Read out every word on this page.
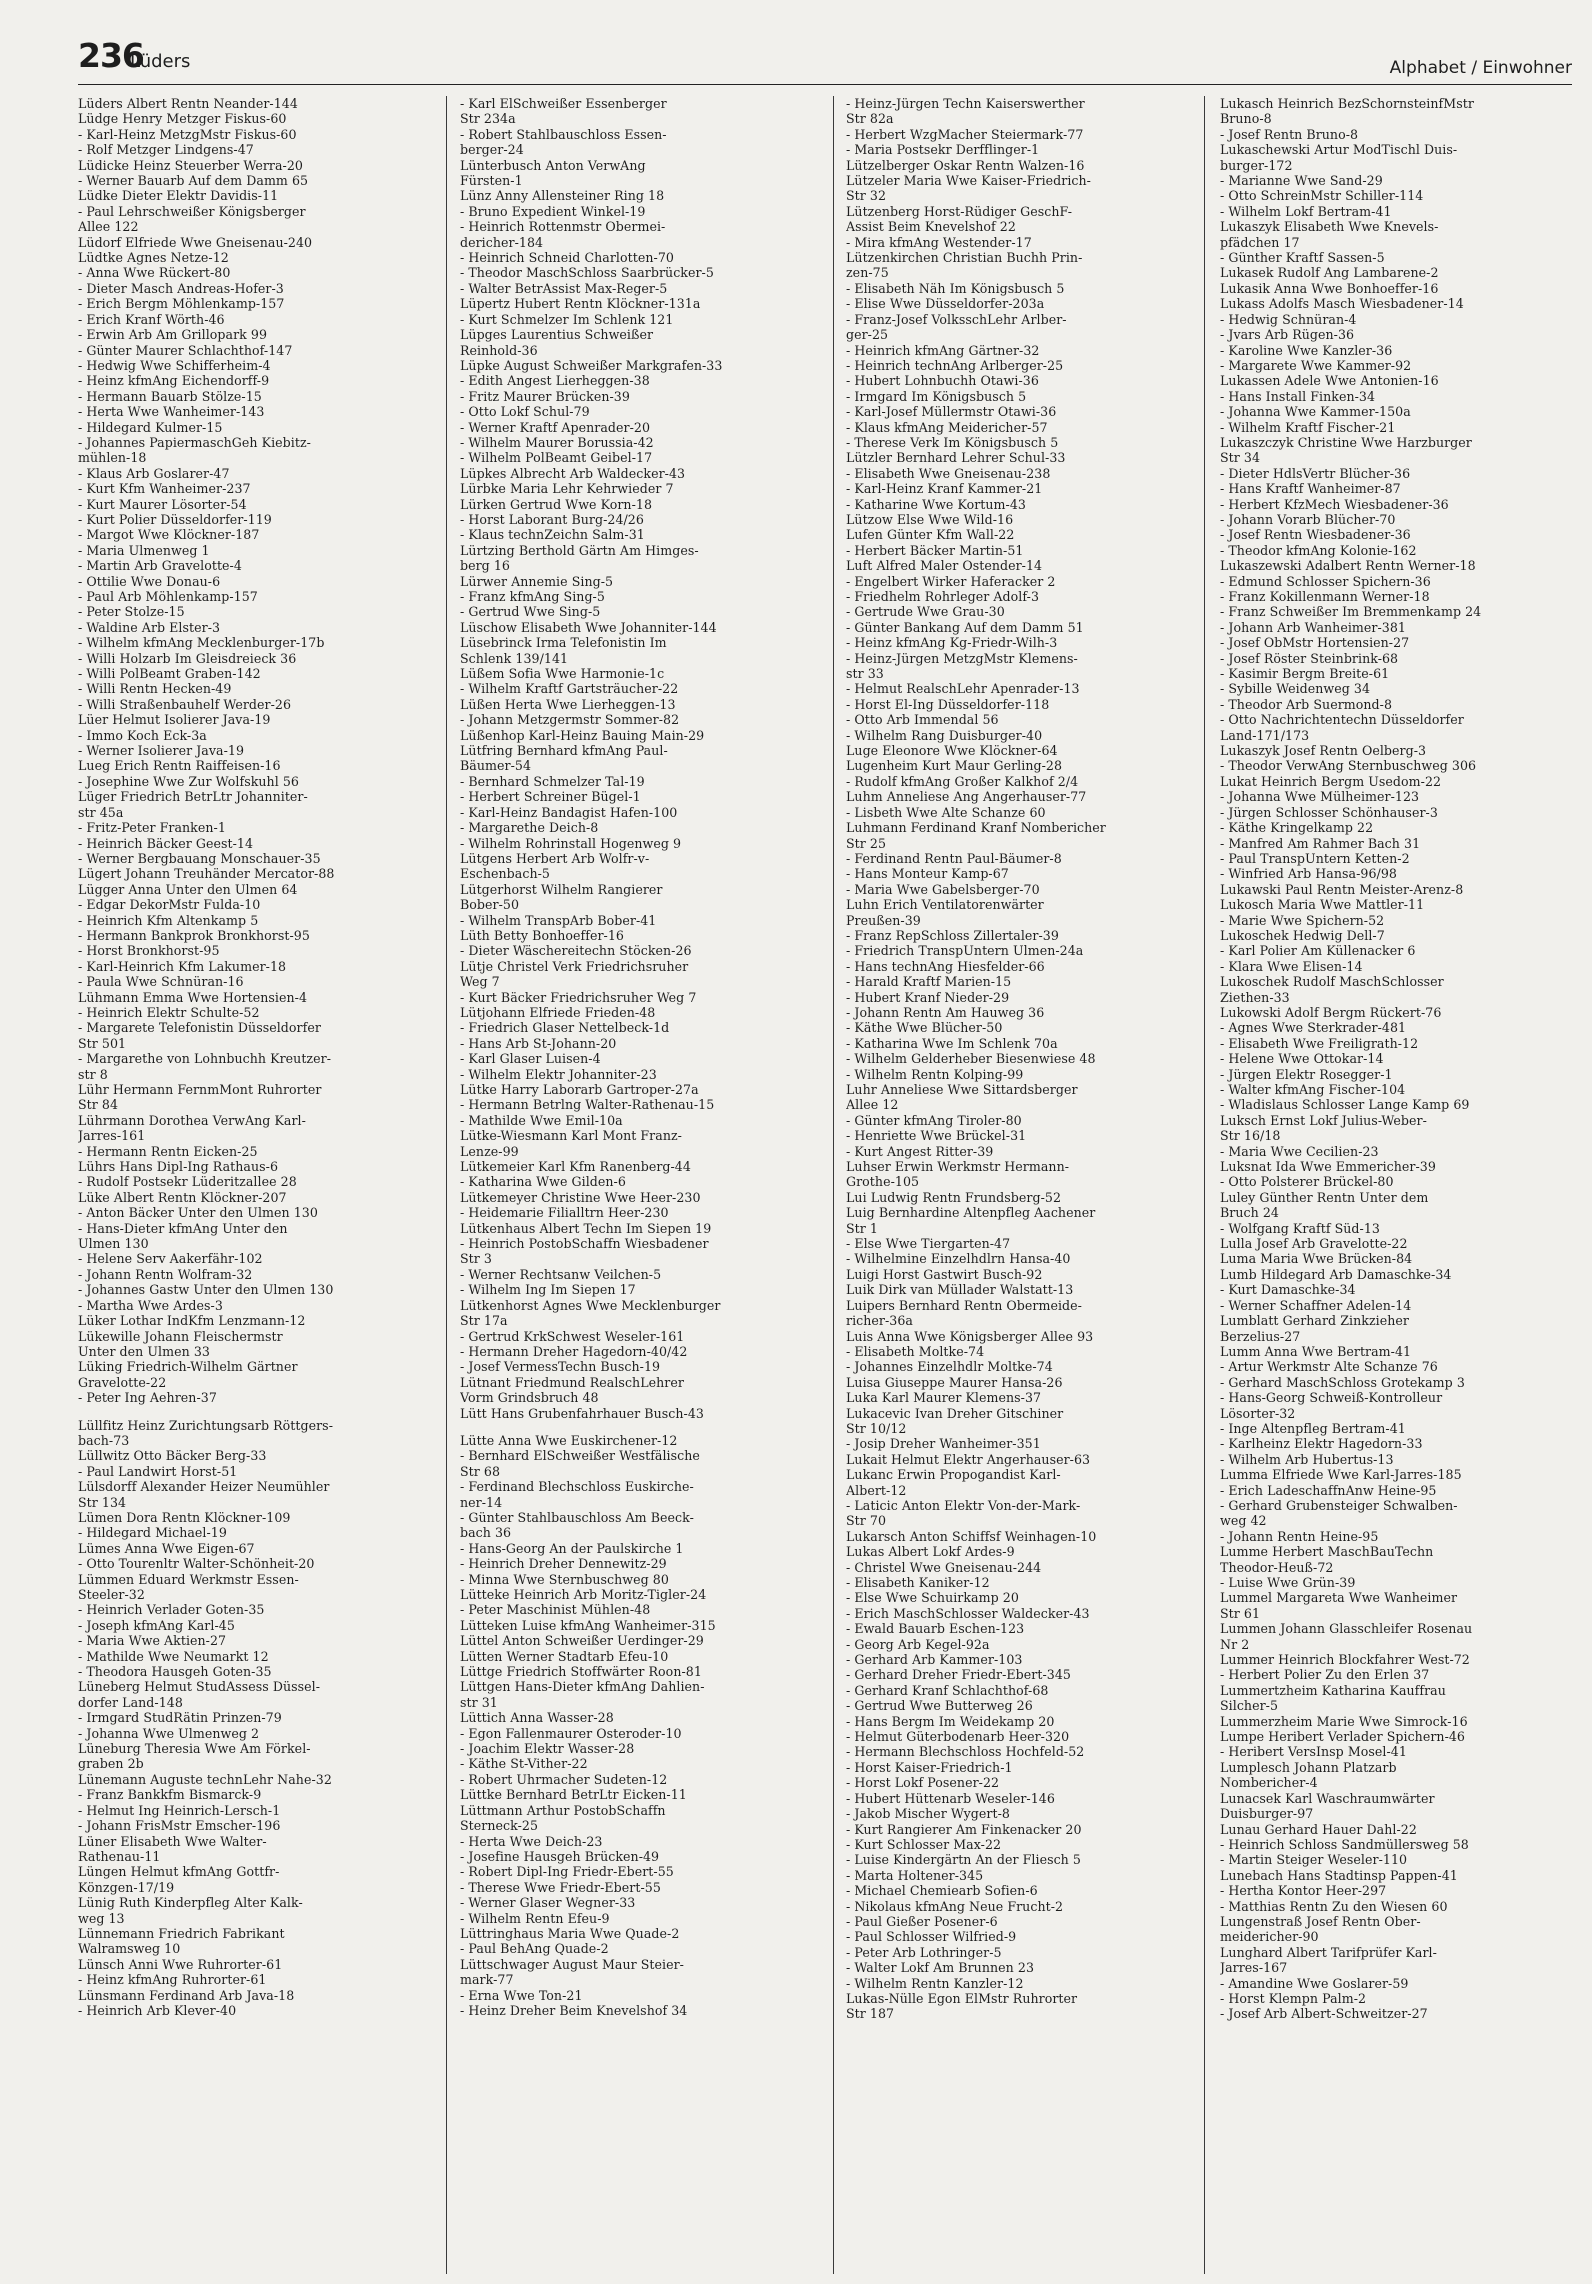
236
Lüders	Alphabet / Einwohner
Lüders Albert Rentn Neander-144
Lüdge Henry Metzger Fiskus-60
- Karl-Heinz MetzgMstr Fiskus-60
- Rolf Metzger Lindgens-47
Lüdicke Heinz Steuerber Werra-20
- Werner Bauarb Auf dem Damm 65
Lüdke Dieter Elektr Davidis-11
- Paul Lehrschweißer Königsberger
Allee 122
Lüdorf Elfriede Wwe Gneisenau-240
Lüdtke Agnes Netze-12
- Anna Wwe Rückert-80
- Dieter Masch Andreas-Hofer-3
- Erich Bergm Möhlenkamp-157
- Erich Kranf Wörth-46
- Erwin Arb Am Grillopark 99
- Günter Maurer Schlachthof-147
- Hedwig Wwe Schifferheim-4
- Heinz kfmAng Eichendorff-9
- Hermann Bauarb Stölze-15
- Herta Wwe Wanheimer-143
- Hildegard Kulmer-15
- Johannes PapiermaschGeh Kiebitz-
mühlen-18
- Klaus Arb Goslarer-47
- Kurt Kfm Wanheimer-237
- Kurt Maurer Lösorter-54
- Kurt Polier Düsseldorfer-119
- Margot Wwe Klöckner-187
- Maria Ulmenweg 1
- Martin Arb Gravelotte-4
- Ottilie Wwe Donau-6
- Paul Arb Möhlenkamp-157
- Peter Stolze-15
- Waldine Arb Elster-3
- Wilhelm kfmAng Mecklenburger-17b
- Willi Holzarb Im Gleisdreieck 36
- Willi PolBeamt Graben-142
- Willi Rentn Hecken-49
- Willi Straßenbauhelf Werder-26
Lüer Helmut Isolierer Java-19
- Immo Koch Eck-3a
- Werner Isolierer Java-19
Lueg Erich Rentn Raiffeisen-16
- Josephine Wwe Zur Wolfskuhl 56
Lüger Friedrich BetrLtr Johanniter-
str 45a
- Fritz-Peter Franken-1
- Heinrich Bäcker Geest-14
- Werner Bergbauang Monschauer-35
Lügert Johann Treuhänder Mercator-88
Lügger Anna Unter den Ulmen 64
- Edgar DekorMstr Fulda-10
- Heinrich Kfm Altenkamp 5
- Hermann Bankprok Bronkhorst-95
- Horst Bronkhorst-95
- Karl-Heinrich Kfm Lakumer-18
- Paula Wwe Schnüran-16
Lühmann Emma Wwe Hortensien-4
- Heinrich Elektr Schulte-52
- Margarete Telefonistin Düsseldorfer
Str 501
- Margarethe von Lohnbuchh Kreutzer-
str 8
Lühr Hermann FernmMont Ruhrorter
Str 84
Lührmann Dorothea VerwAng Karl-
Jarres-161
- Hermann Rentn Eicken-25
Lührs Hans Dipl-Ing Rathaus-6
- Rudolf Postsekr Lüderitzallee 28
Lüke Albert Rentn Klöckner-207
- Anton Bäcker Unter den Ulmen 130
- Hans-Dieter kfmAng Unter den
Ulmen 130
- Helene Serv Aakerfähr-102
- Johann Rentn Wolfram-32
- Johannes Gastw Unter den Ulmen 130
- Martha Wwe Ardes-3
Lüker Lothar IndKfm Lenzmann-12
Lükewille Johann Fleischermstr
Unter den Ulmen 33
Lüking Friedrich-Wilhelm Gärtner
Gravelotte-22
- Peter Ing Aehren-37
Lüllfitz Heinz Zurichtungsarb Röttgers-
bach-73
Lüllwitz Otto Bäcker Berg-33
- Paul Landwirt Horst-51
Lülsdorff Alexander Heizer Neumühler
Str 134
Lümen Dora Rentn Klöckner-109
- Hildegard Michael-19
Lümes Anna Wwe Eigen-67
- Otto Tourenltr Walter-Schönheit-20
Lümmen Eduard Werkmstr Essen-
Steeler-32
- Heinrich Verlader Goten-35
- Joseph kfmAng Karl-45
- Maria Wwe Aktien-27
- Mathilde Wwe Neumarkt 12
- Theodora Hausgeh Goten-35
Lüneberg Helmut StudAssess Düssel-
dorfer Land-148
- Irmgard StudRätin Prinzen-79
- Johanna Wwe Ulmenweg 2
Lüneburg Theresia Wwe Am Förkel-
graben 2b
Lünemann Auguste technLehr Nahe-32
- Franz Bankkfm Bismarck-9
- Helmut Ing Heinrich-Lersch-1
- Johann FrisMstr Emscher-196
Lüner Elisabeth Wwe Walter-
Rathenau-11
Lüngen Helmut kfmAng Gottfr-
Könzgen-17/19
Lünig Ruth Kinderpfleg Alter Kalk-
weg 13
Lünnemann Friedrich Fabrikant
Walramsweg 10
Lünsch Anni Wwe Ruhrorter-61
- Heinz kfmAng Ruhrorter-61
Lünsmann Ferdinand Arb Java-18
- Heinrich Arb Klever-40
- Karl ElSchweißer Essenberger
Str 234a
- Robert Stahlbauschloss Essen-
berger-24
Lünterbusch Anton VerwAng
Fürsten-1
Lünz Anny Allensteiner Ring 18
- Bruno Expedient Winkel-19
- Heinrich Rottenmstr Obermei-
dericher-184
- Heinrich Schneid Charlotten-70
- Theodor MaschSchloss Saarbrücker-5
- Walter BetrAssist Max-Reger-5
Lüpertz Hubert Rentn Klöckner-131a
- Kurt Schmelzer Im Schlenk 121
Lüpges Laurentius Schweißer
Reinhold-36
Lüpke August Schweißer Markgrafen-33
- Edith Angest Lierheggen-38
- Fritz Maurer Brücken-39
- Otto Lokf Schul-79
- Werner Kraftf Apenrader-20
- Wilhelm Maurer Borussia-42
- Wilhelm PolBeamt Geibel-17
Lüpkes Albrecht Arb Waldecker-43
Lürbke Maria Lehr Kehrwieder 7
Lürken Gertrud Wwe Korn-18
- Horst Laborant Burg-24/26
- Klaus technZeichn Salm-31
Lürtzing Berthold Gärtn Am Himges-
berg 16
Lürwer Annemie Sing-5
- Franz kfmAng Sing-5
- Gertrud Wwe Sing-5
Lüschow Elisabeth Wwe Johanniter-144
Lüsebrinck Irma Telefonistin Im
Schlenk 139/141
Lüßem Sofia Wwe Harmonie-1c
- Wilhelm Kraftf Gartsträucher-22
Lüßen Herta Wwe Lierheggen-13
- Johann Metzgermstr Sommer-82
Lüßenhop Karl-Heinz Bauing Main-29
Lütfring Bernhard kfmAng Paul-
Bäumer-54
- Bernhard Schmelzer Tal-19
- Herbert Schreiner Bügel-1
- Karl-Heinz Bandagist Hafen-100
- Margarethe Deich-8
- Wilhelm Rohrinstall Hogenweg 9
Lütgens Herbert Arb Wolfr-v-
Eschenbach-5
Lütgerhorst Wilhelm Rangierer
Bober-50
- Wilhelm TranspArb Bober-41
Lüth Betty Bonhoeffer-16
- Dieter Wäschereitechn Stöcken-26
Lütje Christel Verk Friedrichsruher
Weg 7
- Kurt Bäcker Friedrichsruher Weg 7
Lütjohann Elfriede Frieden-48
- Friedrich Glaser Nettelbeck-1d
- Hans Arb St-Johann-20
- Karl Glaser Luisen-4
- Wilhelm Elektr Johanniter-23
Lütke Harry Laborarb Gartroper-27a
- Hermann Betrlng Walter-Rathenau-15
- Mathilde Wwe Emil-10a
Lütke-Wiesmann Karl Mont Franz-
Lenze-99
Lütkemeier Karl Kfm Ranenberg-44
- Katharina Wwe Gilden-6
Lütkemeyer Christine Wwe Heer-230
- Heidemarie Filialltrn Heer-230
Lütkenhaus Albert Techn Im Siepen 19
- Heinrich PostobSchaffn Wiesbadener
Str 3
- Werner Rechtsanw Veilchen-5
- Wilhelm Ing Im Siepen 17
Lütkenhorst Agnes Wwe Mecklenburger
Str 17a
- Gertrud KrkSchwest Weseler-161
- Hermann Dreher Hagedorn-40/42
- Josef VermessTechn Busch-19
Lütnant Friedmund RealschLehrer
Vorm Grindsbruch 48
Lütt Hans Grubenfahrhauer Busch-43
Lütte Anna Wwe Euskirchener-12
- Bernhard ElSchweißer Westfälische
Str 68
- Ferdinand Blechschloss Euskirche-
ner-14
- Günter Stahlbauschloss Am Beeck-
bach 36
- Hans-Georg An der Paulskirche 1
- Heinrich Dreher Dennewitz-29
- Minna Wwe Sternbuschweg 80
Lütteke Heinrich Arb Moritz-Tigler-24
- Peter Maschinist Mühlen-48
Lütteken Luise kfmAng Wanheimer-315
Lüttel Anton Schweißer Uerdinger-29
Lütten Werner Stadtarb Efeu-10
Lüttge Friedrich Stoffwärter Roon-81
Lüttgen Hans-Dieter kfmAng Dahlien-
str 31
Lüttich Anna Wasser-28
- Egon Fallenmaurer Osteroder-10
- Joachim Elektr Wasser-28
- Käthe St-Vither-22
- Robert Uhrmacher Sudeten-12
Lüttke Bernhard BetrLtr Eicken-11
Lüttmann Arthur PostobSchaffn
Sterneck-25
- Herta Wwe Deich-23
- Josefine Hausgeh Brücken-49
- Robert Dipl-Ing Friedr-Ebert-55
- Therese Wwe Friedr-Ebert-55
- Werner Glaser Wegner-33
- Wilhelm Rentn Efeu-9
Lüttringhaus Maria Wwe Quade-2
- Paul BehAng Quade-2
Lüttschwager August Maur Steier-
mark-77
- Erna Wwe Ton-21
- Heinz Dreher Beim Knevelshof 34
- Heinz-Jürgen Techn Kaiserswerther
Str 82a
- Herbert WzgMacher Steiermark-77
- Maria Postsekr Derfflinger-1
Lützelberger Oskar Rentn Walzen-16
Lützeler Maria Wwe Kaiser-Friedrich-
Str 32
Lützenberg Horst-Rüdiger GeschF-
Assist Beim Knevelshof 22
- Mira kfmAng Westender-17
Lützenkirchen Christian Buchh Prin-
zen-75
- Elisabeth Näh Im Königsbusch 5
- Elise Wwe Düsseldorfer-203a
- Franz-Josef VolksschLehr Arlber-
ger-25
- Heinrich kfmAng Gärtner-32
- Heinrich technAng Arlberger-25
- Hubert Lohnbuchh Otawi-36
- Irmgard Im Königsbusch 5
- Karl-Josef Müllermstr Otawi-36
- Klaus kfmAng Meidericher-57
- Therese Verk Im Königsbusch 5
Lützler Bernhard Lehrer Schul-33
- Elisabeth Wwe Gneisenau-238
- Karl-Heinz Kranf Kammer-21
- Katharine Wwe Kortum-43
Lützow Else Wwe Wild-16
Lufen Günter Kfm Wall-22
- Herbert Bäcker Martin-51
Luft Alfred Maler Ostender-14
- Engelbert Wirker Haferacker 2
- Friedhelm Rohrleger Adolf-3
- Gertrude Wwe Grau-30
- Günter Bankang Auf dem Damm 51
- Heinz kfmAng Kg-Friedr-Wilh-3
- Heinz-Jürgen MetzgMstr Klemens-
str 33
- Helmut RealschLehr Apenrader-13
- Horst El-Ing Düsseldorfer-118
- Otto Arb Immendal 56
- Wilhelm Rang Duisburger-40
Luge Eleonore Wwe Klöckner-64
Lugenheim Kurt Maur Gerling-28
- Rudolf kfmAng Großer Kalkhof 2/4
Luhm Anneliese Ang Angerhauser-77
- Lisbeth Wwe Alte Schanze 60
Luhmann Ferdinand Kranf Nombericher
Str 25
- Ferdinand Rentn Paul-Bäumer-8
- Hans Monteur Kamp-67
- Maria Wwe Gabelsberger-70
Luhn Erich Ventilatorenwärter
Preußen-39
- Franz RepSchloss Zillertaler-39
- Friedrich TranspUntern Ulmen-24a
- Hans technAng Hiesfelder-66
- Harald Kraftf Marien-15
- Hubert Kranf Nieder-29
- Johann Rentn Am Hauweg 36
- Käthe Wwe Blücher-50
- Katharina Wwe Im Schlenk 70a
- Wilhelm Gelderheber Biesenwiese 48
- Wilhelm Rentn Kolping-99
Luhr Anneliese Wwe Sittardsberger
Allee 12
- Günter kfmAng Tiroler-80
- Henriette Wwe Brückel-31
- Kurt Angest Ritter-39
Luhser Erwin Werkmstr Hermann-
Grothe-105
Lui Ludwig Rentn Frundsberg-52
Luig Bernhardine Altenpfleg Aachener
Str 1
- Else Wwe Tiergarten-47
- Wilhelmine Einzelhdlrn Hansa-40
Luigi Horst Gastwirt Busch-92
Luik Dirk van Müllader Walstatt-13
Luipers Bernhard Rentn Obermeide-
richer-36a
Luis Anna Wwe Königsberger Allee 93
- Elisabeth Moltke-74
- Johannes Einzelhdlr Moltke-74
Luisa Giuseppe Maurer Hansa-26
Luka Karl Maurer Klemens-37
Lukacevic Ivan Dreher Gitschiner
Str 10/12
- Josip Dreher Wanheimer-351
Lukait Helmut Elektr Angerhauser-63
Lukanc Erwin Propogandist Karl-
Albert-12
- Laticic Anton Elektr Von-der-Mark-
Str 70
Lukarsch Anton Schiffsf Weinhagen-10
Lukas Albert Lokf Ardes-9
- Christel Wwe Gneisenau-244
- Elisabeth Kaniker-12
- Else Wwe Schuirkamp 20
- Erich MaschSchlosser Waldecker-43
- Ewald Bauarb Eschen-123
- Georg Arb Kegel-92a
- Gerhard Arb Kammer-103
- Gerhard Dreher Friedr-Ebert-345
- Gerhard Kranf Schlachthof-68
- Gertrud Wwe Butterweg 26
- Hans Bergm Im Weidekamp 20
- Helmut Güterbodenarb Heer-320
- Hermann Blechschloss Hochfeld-52
- Horst Kaiser-Friedrich-1
- Horst Lokf Posener-22
- Hubert Hüttenarb Weseler-146
- Jakob Mischer Wygert-8
- Kurt Rangierer Am Finkenacker 20
- Kurt Schlosser Max-22
- Luise Kindergärtn An der Fliesch 5
- Marta Holtener-345
- Michael Chemiearb Sofien-6
- Nikolaus kfmAng Neue Frucht-2
- Paul Gießer Posener-6
- Paul Schlosser Wilfried-9
- Peter Arb Lothringer-5
- Walter Lokf Am Brunnen 23
- Wilhelm Rentn Kanzler-12
Lukas-Nülle Egon ElMstr Ruhrorter
Str 187
Lukasch Heinrich BezSchornsteinfMstr
Bruno-8
- Josef Rentn Bruno-8
Lukaschewski Artur ModTischl Duis-
burger-172
- Marianne Wwe Sand-29
- Otto SchreinMstr Schiller-114
- Wilhelm Lokf Bertram-41
Lukaszyk Elisabeth Wwe Knevels-
pfädchen 17
- Günther Kraftf Sassen-5
Lukasek Rudolf Ang Lambarene-2
Lukasik Anna Wwe Bonhoeffer-16
Lukass Adolfs Masch Wiesbadener-14
- Hedwig Schnüran-4
- Jvars Arb Rügen-36
- Karoline Wwe Kanzler-36
- Margarete Wwe Kammer-92
Lukassen Adele Wwe Antonien-16
- Hans Install Finken-34
- Johanna Wwe Kammer-150a
- Wilhelm Kraftf Fischer-21
Lukaszczyk Christine Wwe Harzburger
Str 34
- Dieter HdlsVertr Blücher-36
- Hans Kraftf Wanheimer-87
- Herbert KfzMech Wiesbadener-36
- Johann Vorarb Blücher-70
- Josef Rentn Wiesbadener-36
- Theodor kfmAng Kolonie-162
Lukaszewski Adalbert Rentn Werner-18
- Edmund Schlosser Spichern-36
- Franz Kokillenmann Werner-18
- Franz Schweißer Im Bremmenkamp 24
- Johann Arb Wanheimer-381
- Josef ObMstr Hortensien-27
- Josef Röster Steinbrink-68
- Kasimir Bergm Breite-61
- Sybille Weidenweg 34
- Theodor Arb Suermond-8
- Otto Nachrichtentechn Düsseldorfer
Land-171/173
Lukaszyk Josef Rentn Oelberg-3
- Theodor VerwAng Sternbuschweg 306
Lukat Heinrich Bergm Usedom-22
- Johanna Wwe Mülheimer-123
- Jürgen Schlosser Schönhauser-3
- Käthe Kringelkamp 22
- Manfred Am Rahmer Bach 31
- Paul TranspUntern Ketten-2
- Winfried Arb Hansa-96/98
Lukawski Paul Rentn Meister-Arenz-8
Lukosch Maria Wwe Mattler-11
- Marie Wwe Spichern-52
Lukoschek Hedwig Dell-7
- Karl Polier Am Küllenacker 6
- Klara Wwe Elisen-14
Lukoschek Rudolf MaschSchlosser
Ziethen-33
Lukowski Adolf Bergm Rückert-76
- Agnes Wwe Sterkrader-481
- Elisabeth Wwe Freiligrath-12
- Helene Wwe Ottokar-14
- Jürgen Elektr Roseggеr-1
- Walter kfmAng Fischer-104
- Wladislaus Schlosser Lange Kamp 69
Luksch Ernst Lokf Julius-Weber-
Str 16/18
- Maria Wwe Cecilien-23
Luksnat Ida Wwe Emmericher-39
- Otto Polsterer Brückel-80
Luley Günther Rentn Unter dem
Bruch 24
- Wolfgang Kraftf Süd-13
Lulla Josef Arb Gravelotte-22
Luma Maria Wwe Brücken-84
Lumb Hildegard Arb Damaschke-34
- Kurt Damaschke-34
- Werner Schaffner Adelen-14
Lumblatt Gerhard Zinkzieher
Berzelius-27
Lumm Anna Wwe Bertram-41
- Artur Werkmstr Alte Schanze 76
- Gerhard MaschSchloss Grotekamp 3
- Hans-Georg Schweiß-Kontrolleur
Lösorter-32
- Inge Altenpfleg Bertram-41
- Karlheinz Elektr Hagedorn-33
- Wilhelm Arb Hubertus-13
Lumma Elfriede Wwe Karl-Jarres-185
- Erich LadeschaffnAnw Heine-95
- Gerhard Grubensteiger Schwalben-
weg 42
- Johann Rentn Heine-95
Lumme Herbert MaschBauTechn
Theodor-Heuß-72
- Luise Wwe Grün-39
Lummel Margareta Wwe Wanheimer
Str 61
Lummen Johann Glasschleifer Rosenau
Nr 2
Lummer Heinrich Blockfahrer West-72
- Herbert Polier Zu den Erlen 37
Lummertzheim Katharina Kauffrau
Silcher-5
Lummerzheim Marie Wwe Simrock-16
Lumpe Heribert Verlader Spichern-46
- Heribert VersInsp Mosel-41
Lumplesch Johann Platzarb
Nombericher-4
Lunacsek Karl Waschraumwärter
Duisburger-97
Lunau Gerhard Hauer Dahl-22
- Heinrich Schloss Sandmüllersweg 58
- Martin Steiger Weseler-110
Lunebach Hans Stadtinsp Pappen-41
- Hertha Kontor Heer-297
- Matthias Rentn Zu den Wiesen 60
Lungenstraß Josef Rentn Ober-
meidericher-90
Lunghard Albert Tarifprüfer Karl-
Jarres-167
- Amandine Wwe Goslarer-59
- Horst Klempn Palm-2
- Josef Arb Albert-Schweitzer-27
